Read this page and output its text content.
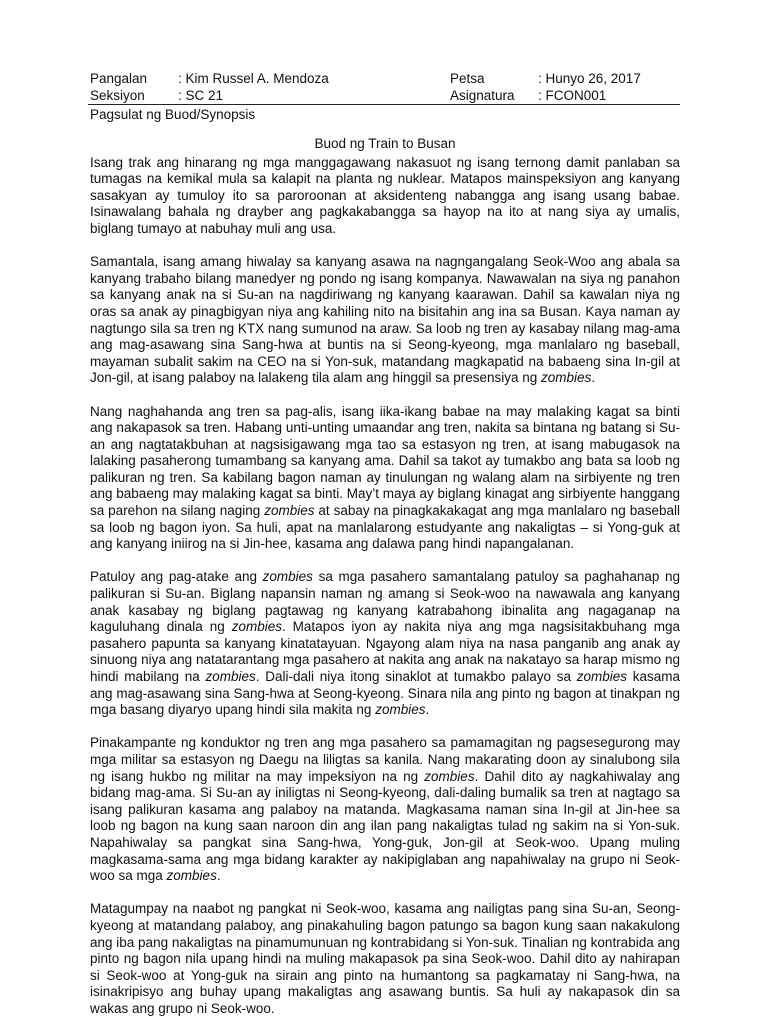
Pangalan	: Kim Russel A. Mendoza	Petsa	: Hunyo 26, 2017
Seksiyon	: SC 21	Asignatura	: FCON001
Pagsulat ng Buod/Synopsis
Buod ng Train to Busan

Isang trak ang hinarang ng mga manggagawang nakasuot ng isang ternong damit panlaban sa tumagas na kemikal mula sa kalapit na planta ng nuklear. Matapos mainspeksiyon ang kanyang sasakyan ay tumuloy ito sa paroroonan at aksidenteng nabangga ang isang usang babae. Isinawalang bahala ng drayber ang pagkakabangga sa hayop na ito at nang siya ay umalis, biglang tumayo at nabuhay muli ang usa.

Samantala, isang amang hiwalay sa kanyang asawa na nagngangalang Seok-Woo ang abala sa kanyang trabaho bilang manedyer ng pondo ng isang kompanya. Nawawalan na siya ng panahon sa kanyang anak na si Su-an na nagdiriwang ng kanyang kaarawan. Dahil sa kawalan niya ng oras sa anak ay pinagbigyan niya ang kahiling nito na bisitahin ang ina sa Busan. Kaya naman ay nagtungo sila sa tren ng KTX nang sumunod na araw. Sa loob ng tren ay kasabay nilang mag-ama ang mag-asawang sina Sang-hwa at buntis na si Seong-kyeong, mga manlalaro ng baseball, mayaman subalit sakim na CEO na si Yon-suk, matandang magkapatid na babaeng sina In-gil at Jon-gil, at isang palaboy na lalakeng tila alam ang hinggil sa presensiya ng zombies.

Nang naghahanda ang tren sa pag-alis, isang iika-ikang babae na may malaking kagat sa binti ang nakapasok sa tren. Habang unti-unting umaandar ang tren, nakita sa bintana ng batang si Su-an ang nagtatakbuhan at nagsisigawang mga tao sa estasyon ng tren, at isang mabugasok na lalaking pasaherong tumambang sa kanyang ama. Dahil sa takot ay tumakbo ang bata sa loob ng palikuran ng tren. Sa kabilang bagon naman ay tinulungan ng walang alam na sirbiyente ng tren ang babaeng may malaking kagat sa binti. May’t maya ay biglang kinagat ang sirbiyente hanggang sa parehon na silang naging zombies at sabay na pinagkakakagat ang mga manlalaro ng baseball sa loob ng bagon iyon. Sa huli, apat na manlalarong estudyante ang nakaligtas – si Yong-guk at ang kanyang iniirog na si Jin-hee, kasama ang dalawa pang hindi napangalanan.

Patuloy ang pag-atake ang zombies sa mga pasahero samantalang patuloy sa paghahanap ng palikuran si Su-an. Biglang napansin naman ng amang si Seok-woo na nawawala ang kanyang anak kasabay ng biglang pagtawag ng kanyang katrabahong ibinalita ang nagaganap na kaguluhang dinala ng zombies. Matapos iyon ay nakita niya ang mga nagsisitakbuhang mga pasahero papunta sa kanyang kinatatayuan. Ngayong alam niya na nasa panganib ang anak ay sinuong niya ang natatarantang mga pasahero at nakita ang anak na nakatayo sa harap mismo ng hindi mabilang na zombies. Dali-dali niya itong sinaklot at tumakbo palayo sa zombies kasama ang mag-asawang sina Sang-hwa at Seong-kyeong. Sinara nila ang pinto ng bagon at tinakpan ng mga basang diyaryo upang hindi sila makita ng zombies.

Pinakampante ng konduktor ng tren ang mga pasahero sa pamamagitan ng pagsesegurong may mga militar sa estasyon ng Daegu na liligtas sa kanila. Nang makarating doon ay sinalubong sila ng isang hukbo ng militar na may impeksiyon na ng zombies. Dahil dito ay nagkahiwalay ang bidang mag-ama. Si Su-an ay iniligtas ni Seong-kyeong, dali-daling bumalik sa tren at nagtago sa isang palikuran kasama ang palaboy na matanda. Magkasama naman sina In-gil at Jin-hee sa loob ng bagon na kung saan naroon din ang ilan pang nakaligtas tulad ng sakim na si Yon-suk. Napahiwalay sa pangkat sina Sang-hwa, Yong-guk, Jon-gil at Seok-woo. Upang muling magkasama-sama ang mga bidang karakter ay nakipiglaban ang napahiwalay na grupo ni Seok-woo sa mga zombies.

Matagumpay na naabot ng pangkat ni Seok-woo, kasama ang nailigtas pang sina Su-an, Seong-kyeong at matandang palaboy, ang pinakahuling bagon patungo sa bagon kung saan nakakulong ang iba pang nakaligtas na pinamumunuan ng kontrabidang si Yon-suk. Tinalian ng kontrabida ang pinto ng bagon nila upang hindi na muling makapasok pa sina Seok-woo. Dahil dito ay nahirapan si Seok-woo at Yong-guk na sirain ang pinto na humantong sa pagkamatay ni Sang-hwa, na isinakripisyo ang buhay upang makaligtas ang asawang buntis. Sa huli ay nakapasok din sa wakas ang grupo ni Seok-woo.
